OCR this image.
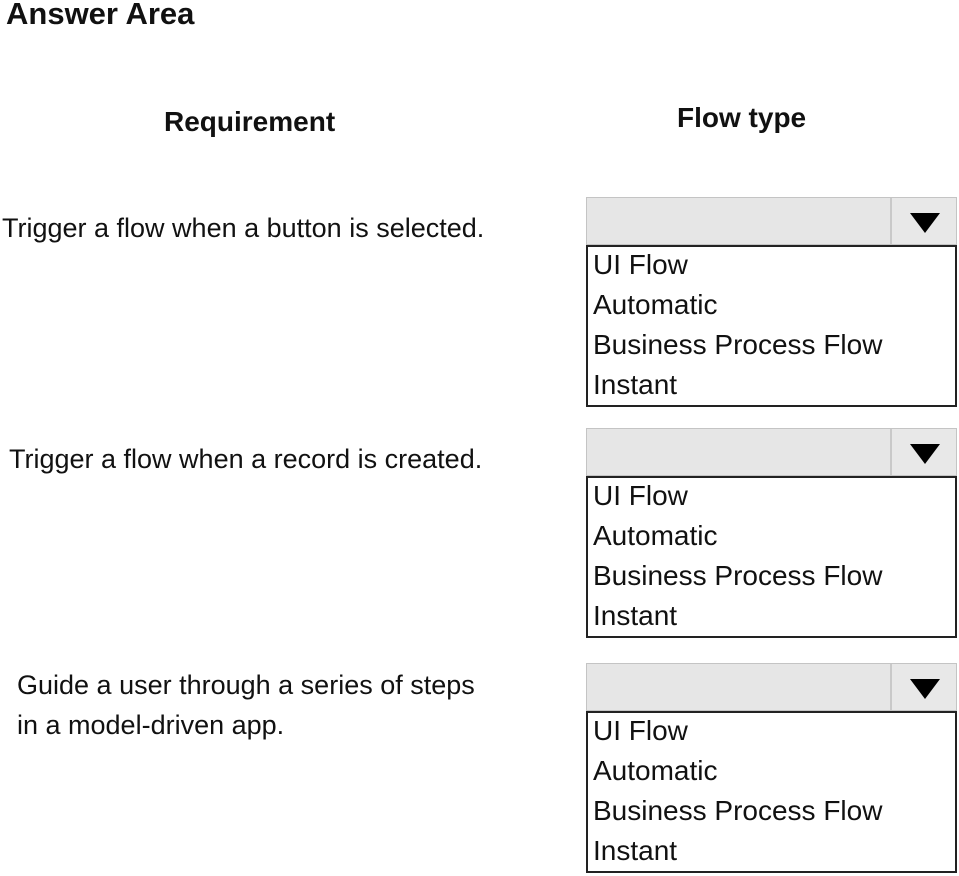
Answer Area
Requirement	Flow type
Trigger a flow when a button is selected.
UI Flow
Automatic
Business Process Flow
Instant
Trigger a flow when a record is created.
UI Flow
Automatic
Business Process Flow
Instant
Guide a user through a series of steps
in a model-driven app.	UI Flow
Automatic
Business Process Flow
Instant
